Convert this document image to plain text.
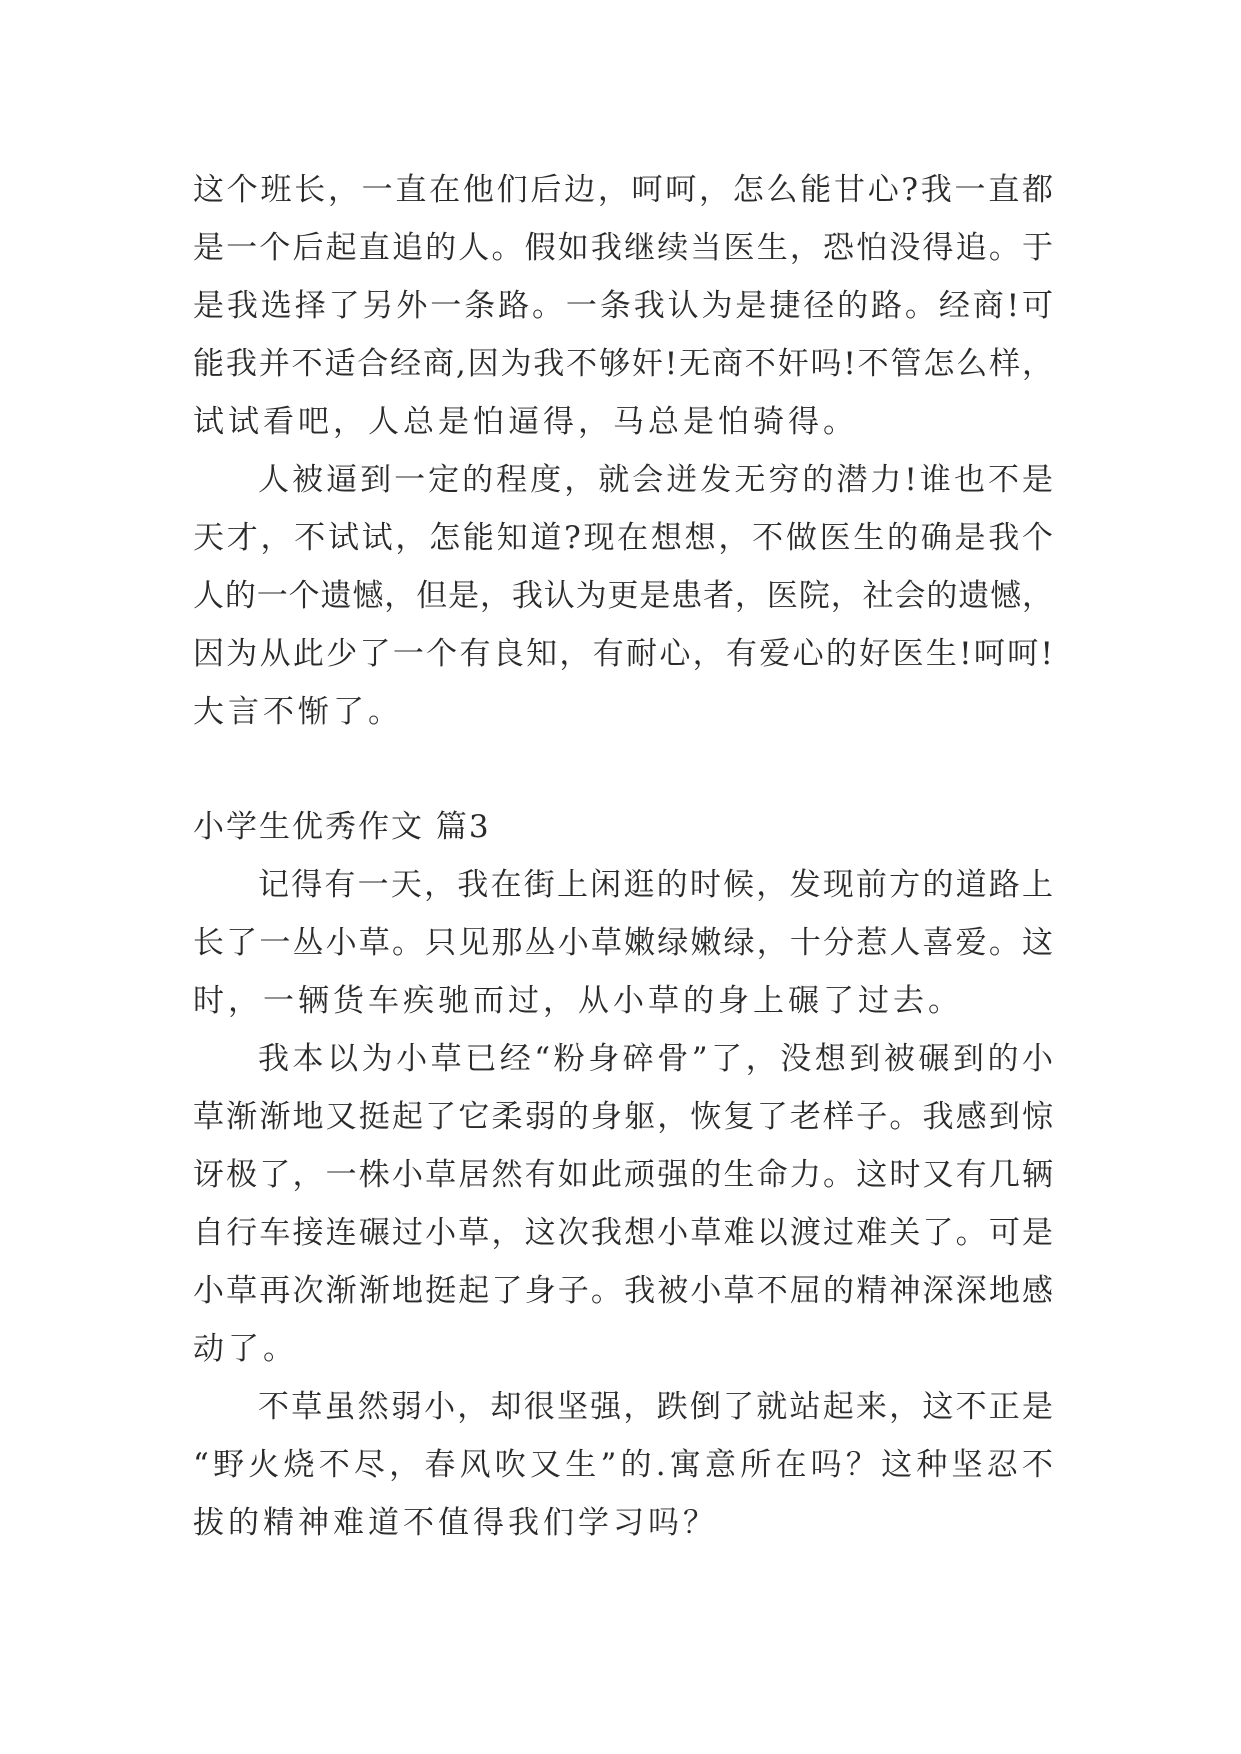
这个班长，一直在他们后边，呵呵，怎么能甘心?我一直都
是一个后起直追的人。假如我继续当医生，恐怕没得追。于
是我选择了另外一条路。一条我认为是捷径的路。经商!可
能我并不适合经商,因为我不够奸!无商不奸吗!不管怎么样，
试试看吧，人总是怕逼得，马总是怕骑得。
人被逼到一定的程度，就会迸发无穷的潜力!谁也不是
天才，不试试，怎能知道?现在想想，不做医生的确是我个
人的一个遗憾，但是，我认为更是患者，医院，社会的遗憾，
因为从此少了一个有良知，有耐心，有爱心的好医生!呵呵!
大言不惭了。
小学生优秀作文 篇3
记得有一天，我在街上闲逛的时候，发现前方的道路上
长了一丛小草。只见那丛小草嫩绿嫩绿，十分惹人喜爱。这
时，一辆货车疾驰而过，从小草的身上碾了过去。
我本以为小草已经“粉身碎骨”了，没想到被碾到的小
草渐渐地又挺起了它柔弱的身躯，恢复了老样子。我感到惊
讶极了，一株小草居然有如此顽强的生命力。这时又有几辆
自行车接连碾过小草，这次我想小草难以渡过难关了。可是
小草再次渐渐地挺起了身子。我被小草不屈的精神深深地感
动了。
不草虽然弱小，却很坚强，跌倒了就站起来，这不正是
“野火烧不尽，春风吹又生”的.寓意所在吗？这种坚忍不
拔的精神难道不值得我们学习吗？
